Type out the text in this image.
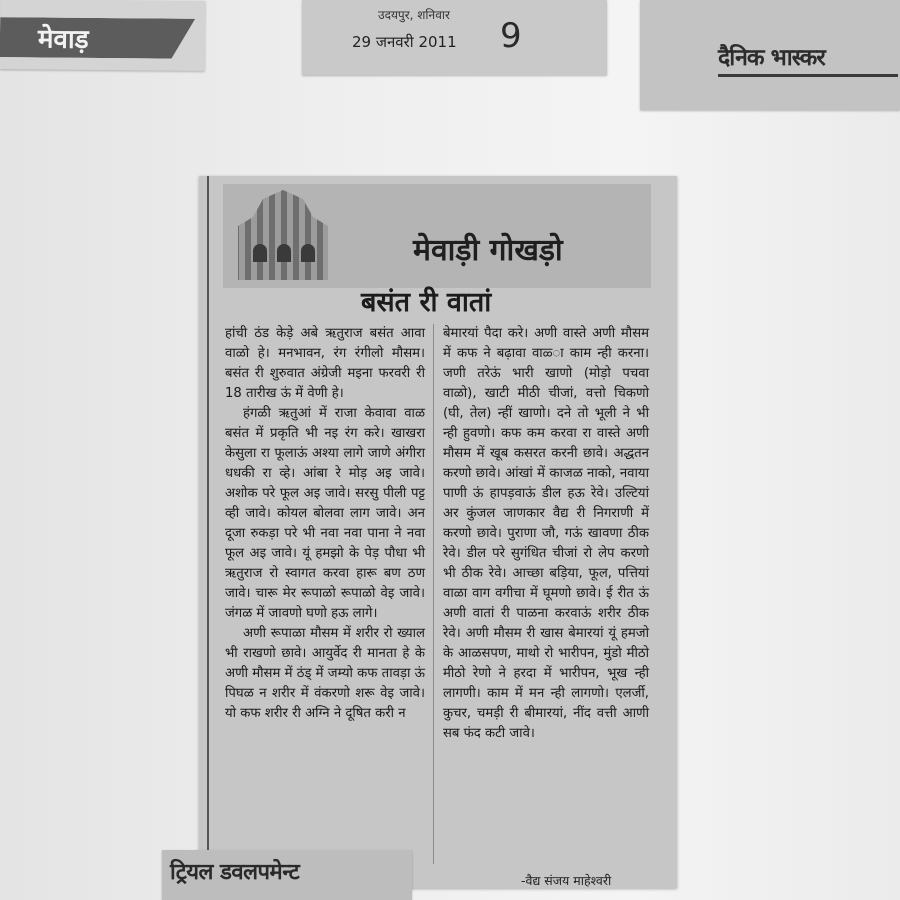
मेवाड़
उदयपुर, शनिवार
29 जनवरी 2011 9
दैनिक भास्कर
मेवाड़ी गोखड़ो
बसंत री वातां

हांची ठंड केड़े अबे ऋतुराज बसंत आवा वाळो हे। मनभावन, रंग रंगीलो मौसम। बसंत री शुरुवात अंग्रेजी मइना फरवरी री 18 तारीख ऊं में वेणी हे।

हंगळी ऋतुआं में राजा केवावा वाळ बसंत में प्रकृति भी नइ रंग करे। खाखरा केसुला रा फूलाऊं अश्या लागे जाणे अंगीरा धधकी रा व्हे। आंबा रे मोड़ अइ जावे। अशोक परे फूल अइ जावे। सरसु पीली पट्ट व्ही जावे। कोयल बोलवा लाग जावे। अन दूजा रुकड़ा परे भी नवा नवा पाना ने नवा फूल अइ जावे। यूं हमझो के पेड़ पौधा भी ऋतुराज रो स्वागत करवा हारू बण ठण जावे। चारू मेर रूपाळो रूपाळो वेइ जावे। जंगळ में जावणो घणो हऊ लागे।

अणी रूपाळा मौसम में शरीर रो ख्याल भी राखणो छावे। आयुर्वेद री मानता हे के अणी मौसम में ठंड्‌ में जम्यो कफ तावड़ा ऊं पिघळ न शरीर में वंकरणो शरू वेइ जावे। यो कफ शरीर री अग्नि ने दूषित करी न

बेमारयां पैदा करे। अणी वास्ते अणी मौसम में कफ ने बढ़ावा वाळ्‍ा काम न्ही करना। जणी तरेऊं भारी खाणो (मोड़ो पचवा वाळो), खाटी मीठी चीजां, वत्तो चिकणो (घी, तेल) न्हीं खाणो। दने तो भूली ने भी न्ही हुवणो। कफ कम करवा रा वास्ते अणी मौसम में खूब कसरत करनी छावे। अद्धतन करणो छावे। आंखां में काजळ नाको, नवाया पाणी ऊं हापड़वाऊं डील हऊ रेवे। उल्टियां अर कुंजल जाणकार वैद्य री निगराणी में करणो छावे। पुराणा जौ, गऊं खावणा ठीक रेवे। डील परे सुगंधित चीजां रो लेप करणो भी ठीक रेवे। आच्छा बड़िया, फूल, पत्तियां वाळा वाग वगीचा में घूमणो छावे। ई रीत ऊं अणी वातां री पाळना करवाऊं शरीर ठीक रेवे। अणी मौसम री खास बेमारयां यूं हमजो के आळसपण, माथो रो भारीपन, मुंडो मीठो मीठो रेणो ने हरदा में भारीपन, भूख न्ही लागणी। काम में मन न्ही लागणो। एलर्जी, कुचर, चमड़ी री बीमारयां, नींद वत्ती आणी सब फंद कटी जावे।

-वैद्य संजय माहेश्वरी
ट्रियल डवलपमेन्ट
